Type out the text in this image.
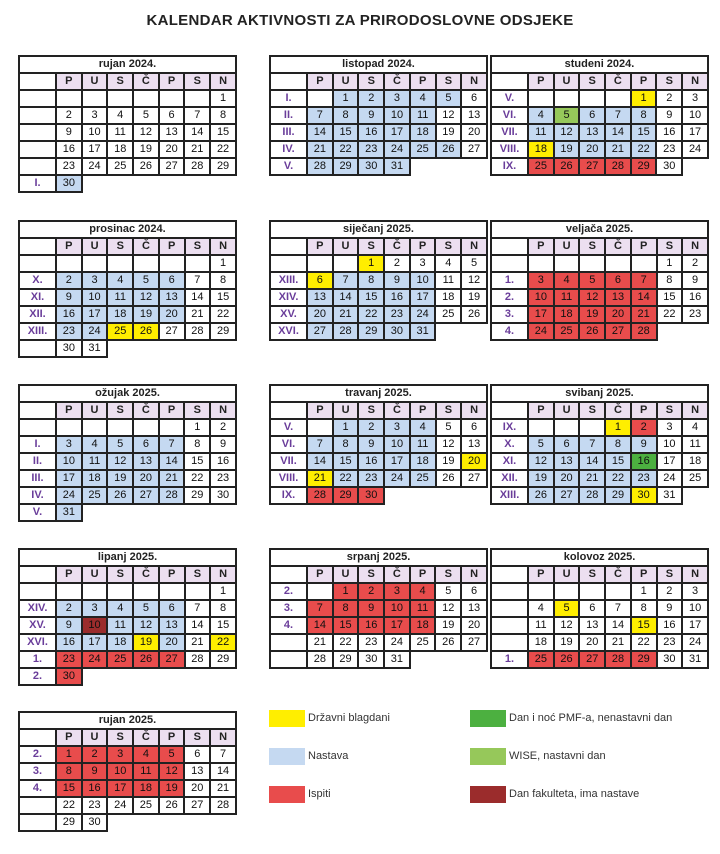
KALENDAR AKTIVNOSTI ZA PRIRODOSLOVNE ODSJEKE
rujan 2024.							
	P	U	S	Č	P	S	N
							1
	2	3	4	5	6	7	8
	9	10	11	12	13	14	15
	16	17	18	19	20	21	22
	23	24	25	26	27	28	29
I.	30						
listopad 2024.							
	P	U	S	Č	P	S	N
I.		1	2	3	4	5	6
II.	7	8	9	10	11	12	13
III.	14	15	16	17	18	19	20
IV.	21	22	23	24	25	26	27
V.	28	29	30	31			
studeni 2024.							
	P	U	S	Č	P	S	N
V.					1	2	3
VI.	4	5	6	7	8	9	10
VII.	11	12	13	14	15	16	17
VIII.	18	19	20	21	22	23	24
IX.	25	26	27	28	29	30	
prosinac 2024.							
	P	U	S	Č	P	S	N
							1
X.	2	3	4	5	6	7	8
XI.	9	10	11	12	13	14	15
XII.	16	17	18	19	20	21	22
XIII.	23	24	25	26	27	28	29
	30	31					
siječanj 2025.							
	P	U	S	Č	P	S	N
			1	2	3	4	5
XIII.	6	7	8	9	10	11	12
XIV.	13	14	15	16	17	18	19
XV.	20	21	22	23	24	25	26
XVI.	27	28	29	30	31		
veljača 2025.							
	P	U	S	Č	P	S	N
						1	2
1.	3	4	5	6	7	8	9
2.	10	11	12	13	14	15	16
3.	17	18	19	20	21	22	23
4.	24	25	26	27	28		
ožujak 2025.							
	P	U	S	Č	P	S	N
						1	2
I.	3	4	5	6	7	8	9
II.	10	11	12	13	14	15	16
III.	17	18	19	20	21	22	23
IV.	24	25	26	27	28	29	30
V.	31						
travanj 2025.							
	P	U	S	Č	P	S	N
V.		1	2	3	4	5	6
VI.	7	8	9	10	11	12	13
VII.	14	15	16	17	18	19	20
VIII.	21	22	23	24	25	26	27
IX.	28	29	30				
svibanj 2025.							
	P	U	S	Č	P	S	N
IX.				1	2	3	4
X.	5	6	7	8	9	10	11
XI.	12	13	14	15	16	17	18
XII.	19	20	21	22	23	24	25
XIII.	26	27	28	29	30	31	
lipanj 2025.							
	P	U	S	Č	P	S	N
							1
XIV.	2	3	4	5	6	7	8
XV.	9	10	11	12	13	14	15
XVI.	16	17	18	19	20	21	22
1.	23	24	25	26	27	28	29
2.	30						
srpanj 2025.							
	P	U	S	Č	P	S	N
2.		1	2	3	4	5	6
3.	7	8	9	10	11	12	13
4.	14	15	16	17	18	19	20
	21	22	23	24	25	26	27
	28	29	30	31			
kolovoz 2025.							
	P	U	S	Č	P	S	N
					1	2	3
	4	5	6	7	8	9	10
	11	12	13	14	15	16	17
	18	19	20	21	22	23	24
1.	25	26	27	28	29	30	31
rujan 2025.							
	P	U	S	Č	P	S	N
2.	1	2	3	4	5	6	7
3.	8	9	10	11	12	13	14
4.	15	16	17	18	19	20	21
	22	23	24	25	26	27	28
	29	30					
Državni blagdani	Dan i noć PMF-a, nenastavni dan
Nastava	WISE, nastavni dan
Ispiti	Dan fakulteta, ima nastave
